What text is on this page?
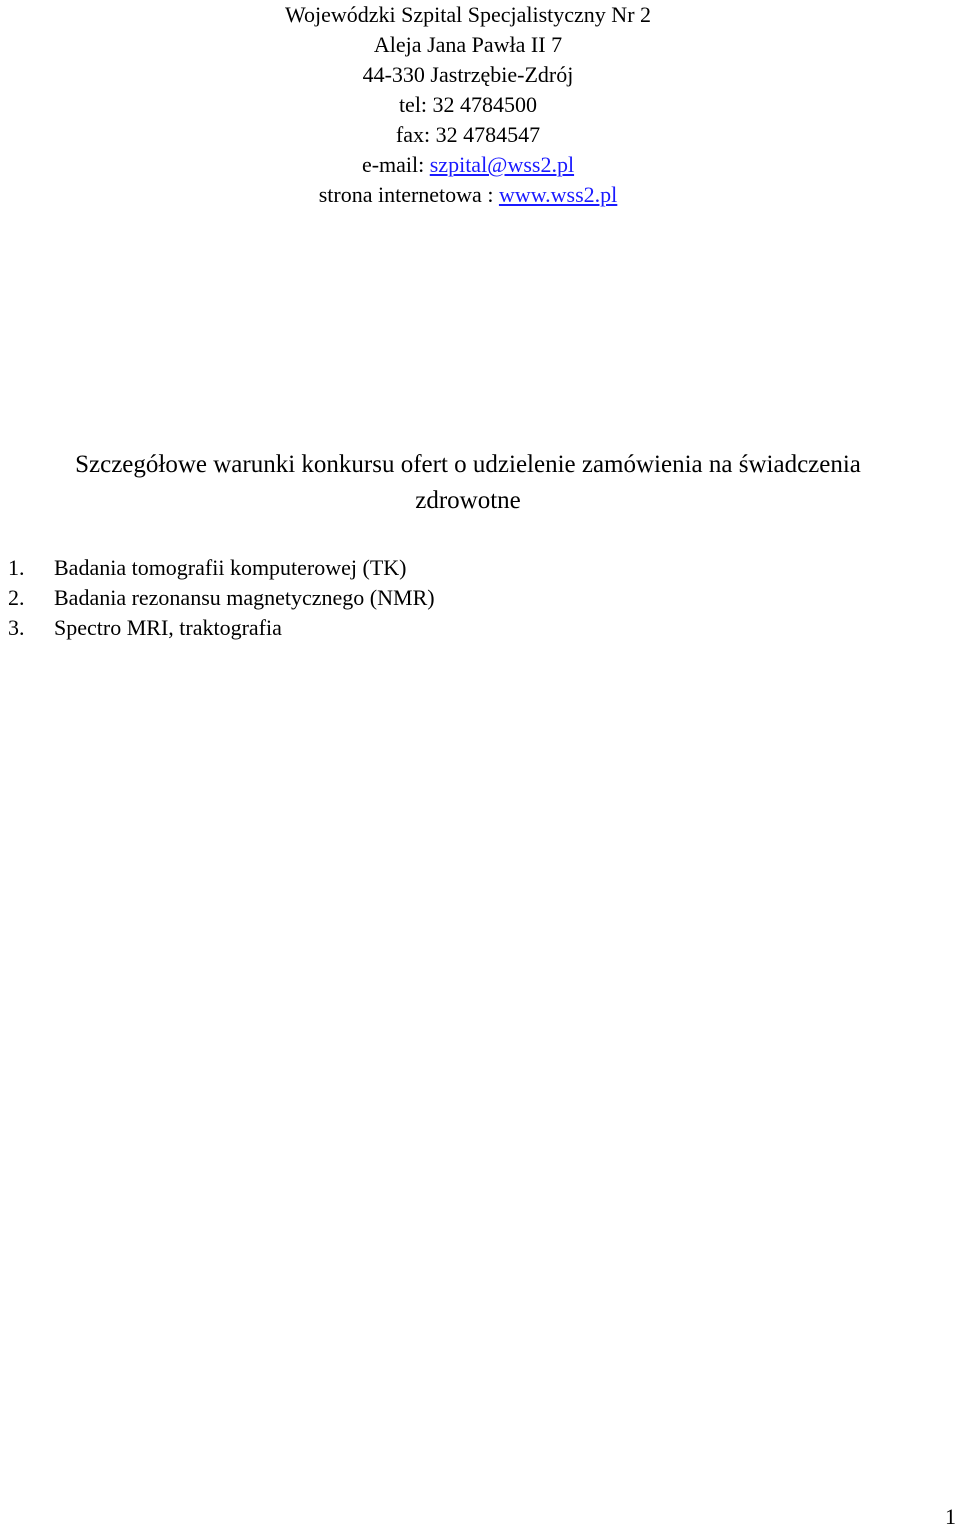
Wojewódzki Szpital Specjalistyczny Nr 2
Aleja Jana Pawła II 7
44-330 Jastrzębie-Zdrój
tel: 32 4784500
fax: 32 4784547
e-mail: szpital@wss2.pl
strona internetowa : www.wss2.pl
Szczegółowe warunki konkursu ofert o udzielenie zamówienia na świadczenia
zdrowotne
1.	Badania tomografii komputerowej (TK)
2.	Badania rezonansu magnetycznego (NMR)
3.	Spectro MRI, traktografia
1
